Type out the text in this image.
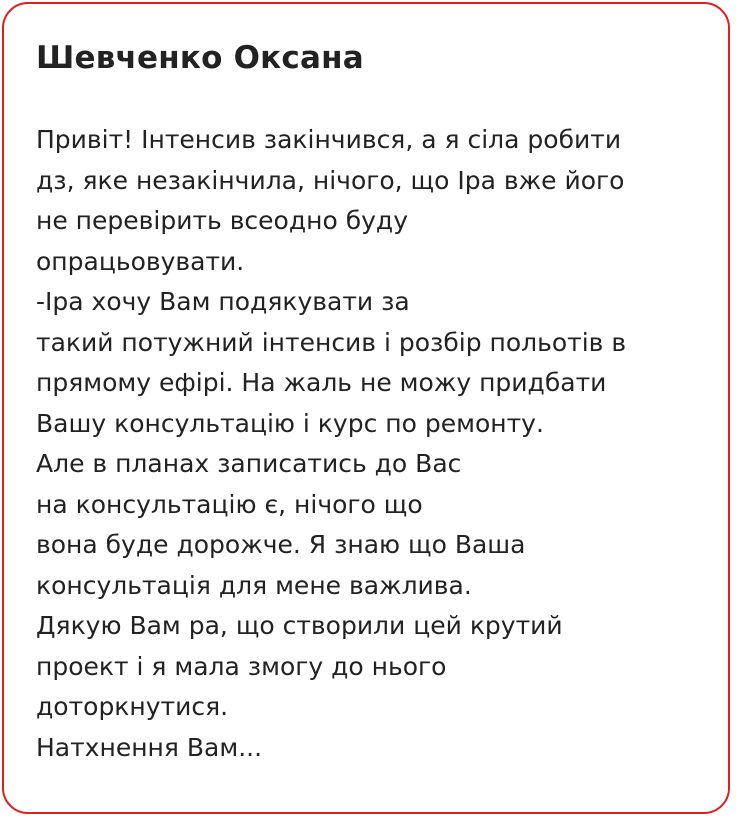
Шевченко Оксана
Привіт! Інтенсив закінчився, а я сіла робити
дз, яке незакінчила, нічого, що Іра вже його
не перевірить всеодно буду
опрацьовувати.
-Іра хочу Вам подякувати за
такий потужний інтенсив і розбір польотів в
прямому ефірі. На жаль не можу придбати
Вашу консультацію і курс по ремонту.
Але в планах записатись до Вас
на консультацію є, нічого що
вона буде дорожче. Я знаю що Ваша
консультація для мене важлива.
Дякую Вам ра, що створили цей крутий
проект і я мала змогу до нього
доторкнутися.
Натхнення Вам...
